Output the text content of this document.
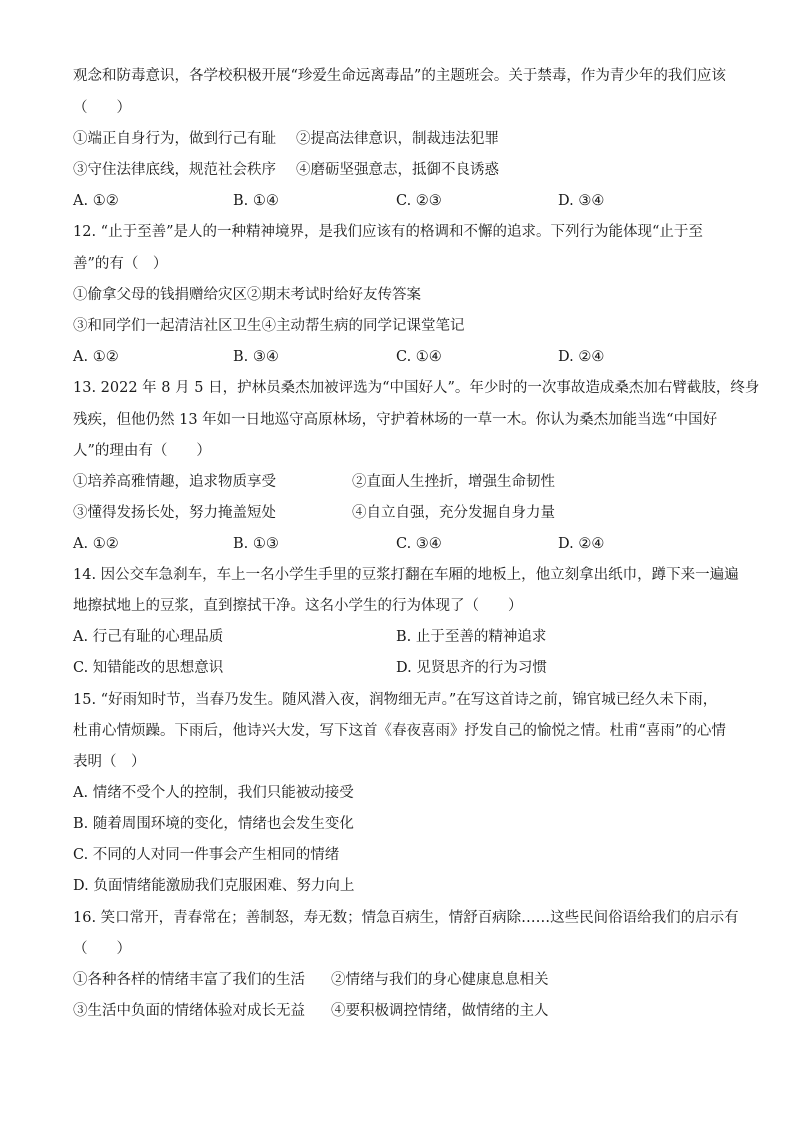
观念和防毒意识，各学校积极开展“珍爱生命远离毒品”的主题班会。关于禁毒，作为青少年的我们应该
（　　）
①端正自身行为，做到行己有耻 ②提高法律意识，制裁违法犯罪
③守住法律底线，规范社会秩序 ④磨砺坚强意志，抵御不良诱惑
A. ①②	B. ①④	C. ②③	D. ③④
12. “止于至善”是人的一种精神境界，是我们应该有的格调和不懈的追求。下列行为能体现“止于至
善”的有（　）
①偷拿父母的钱捐赠给灾区②期末考试时给好友传答案
③和同学们一起清洁社区卫生④主动帮生病的同学记课堂笔记
A. ①②	B. ③④	C. ①④	D. ②④
13. 2022 年 8 月 5 日，护林员桑杰加被评选为“中国好人”。年少时的一次事故造成桑杰加右臂截肢，终身
残疾，但他仍然 13 年如一日地巡守高原林场，守护着林场的一草一木。你认为桑杰加能当选“中国好
人”的理由有（　　）
①培养高雅情趣，追求物质享受	②直面人生挫折，增强生命韧性
③懂得发扬长处，努力掩盖短处	④自立自强，充分发掘自身力量
A. ①②	B. ①③	C. ③④	D. ②④
14. 因公交车急刹车，车上一名小学生手里的豆浆打翻在车厢的地板上，他立刻拿出纸巾，蹲下来一遍遍
地擦拭地上的豆浆，直到擦拭干净。这名小学生的行为体现了（　　）
A. 行己有耻的心理品质	B. 止于至善的精神追求
C. 知错能改的思想意识	D. 见贤思齐的行为习惯
15. “好雨知时节，当春乃发生。随风潜入夜，润物细无声。”在写这首诗之前，锦官城已经久未下雨，
杜甫心情烦躁。下雨后，他诗兴大发，写下这首《春夜喜雨》抒发自己的愉悦之情。杜甫“喜雨”的心情
表明（　）
A. 情绪不受个人的控制，我们只能被动接受
B. 随着周围环境的变化，情绪也会发生变化
C. 不同的人对同一件事会产生相同的情绪
D. 负面情绪能激励我们克服困难、努力向上
16. 笑口常开，青春常在；善制怒，寿无数；情急百病生，情舒百病除……这些民间俗语给我们的启示有
（　　）
①各种各样的情绪丰富了我们的生活 ②情绪与我们的身心健康息息相关
③生活中负面的情绪体验对成长无益 ④要积极调控情绪，做情绪的主人
